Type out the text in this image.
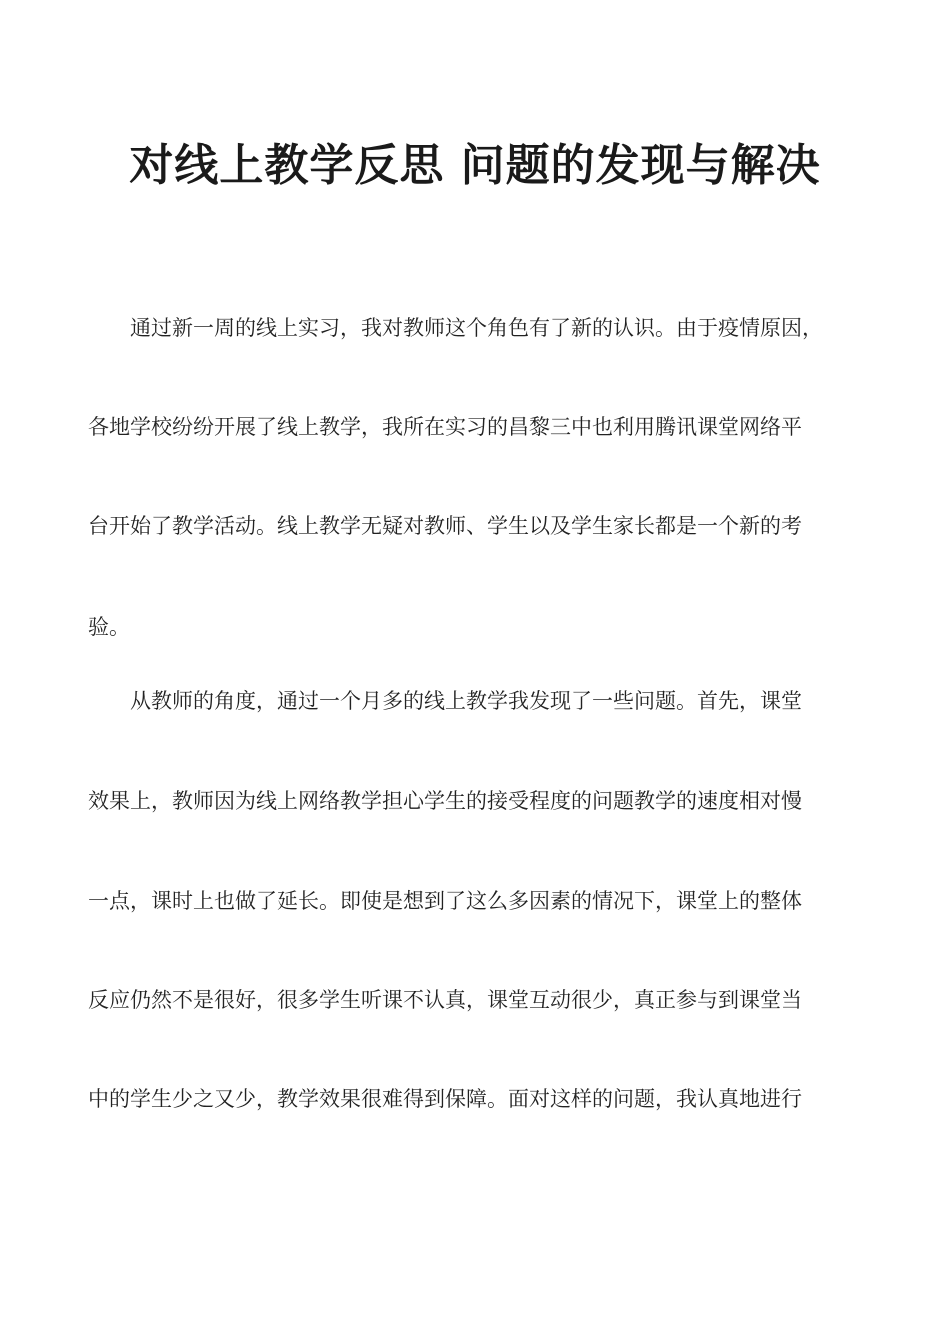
对线上教学反思 问题的发现与解决
通过新一周的线上实习，我对教师这个角色有了新的认识。由于疫情原因，
各地学校纷纷开展了线上教学，我所在实习的昌黎三中也利用腾讯课堂网络平
台开始了教学活动。线上教学无疑对教师、学生以及学生家长都是一个新的考
验。
从教师的角度，通过一个月多的线上教学我发现了一些问题。首先，课堂
效果上，教师因为线上网络教学担心学生的接受程度的问题教学的速度相对慢
一点，课时上也做了延长。即使是想到了这么多因素的情况下，课堂上的整体
反应仍然不是很好，很多学生听课不认真，课堂互动很少，真正参与到课堂当
中的学生少之又少，教学效果很难得到保障。面对这样的问题，我认真地进行
